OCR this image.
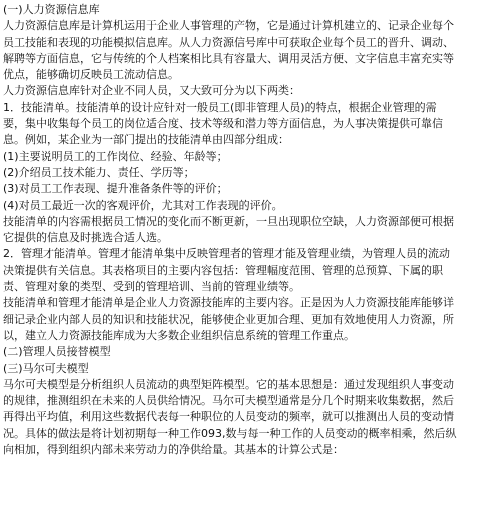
(一)人力资源信息库
人力资源信息库是计算机运用于企业人事管理的产物，它是通过计算机建立的、记录企业每个
员工技能和表现的功能模拟信息库。从人力资源信号库中可获取企业每个员工的晋升、调动、
解聘等方面信息，它与传统的个人档案相比具有容量大、调用灵活方便、文字信息丰富充实等
优点，能够确切反映员工流动信息。
人力资源信息库针对企业不同人员，又大致可分为以下两类：
1．技能清单。技能清单的设计应针对一般员工(即非管理人员)的特点，根据企业管理的需
要，集中收集每个员工的岗位适合度、技术等级和潜力等方面信息，为人事决策提供可靠信
息。例如，某企业为一部门提出的技能清单由四部分组成：
(1)主要说明员工的工作岗位、经验、年龄等；
(2)介绍员工技术能力、责任、学历等；
(3)对员工工作表现、提升准备条件等的评价；
(4)对员工最近一次的客观评价，尤其对工作表现的评价。
技能清单的内容需根据员工情况的变化而不断更新，一旦出现职位空缺，人力资源部便可根据
它提供的信息及时挑选合适人选。
2．管理才能清单。管理才能清单集中反映管理者的管理才能及管理业绩，为管理人员的流动
决策提供有关信息。其表格项目的主要内容包括：管理幅度范围、管理的总预算、下属的职
责、管理对象的类型、受到的管理培训、当前的管理业绩等。
技能清单和管理才能清单是企业人力资源技能库的主要内容。正是因为人力资源技能库能够详
细记录企业内部人员的知识和技能状况，能够使企业更加合理、更加有效地使用人力资源，所
以，建立人力资源技能库成为大多数企业组织信息系统的管理工作重点。
(二)管理人员接替模型
(三)马尔可夫模型
马尔可夫模型是分析组织人员流动的典型矩阵模型。它的基本思想是：通过发现组织人事变动
的规律，推测组织在未来的人员供给情况。马尔可夫模型通常是分几个时期来收集数据，然后
再得出平均值，利用这些数据代表每一种职位的人员变动的频率，就可以推测出人员的变动情
况。具体的做法是将计划初期每一种工作093,数与每一种工作的人员变动的概率相乘，然后纵
向相加，得到组织内部未来劳动力的净供给量。其基本的计算公式是：
